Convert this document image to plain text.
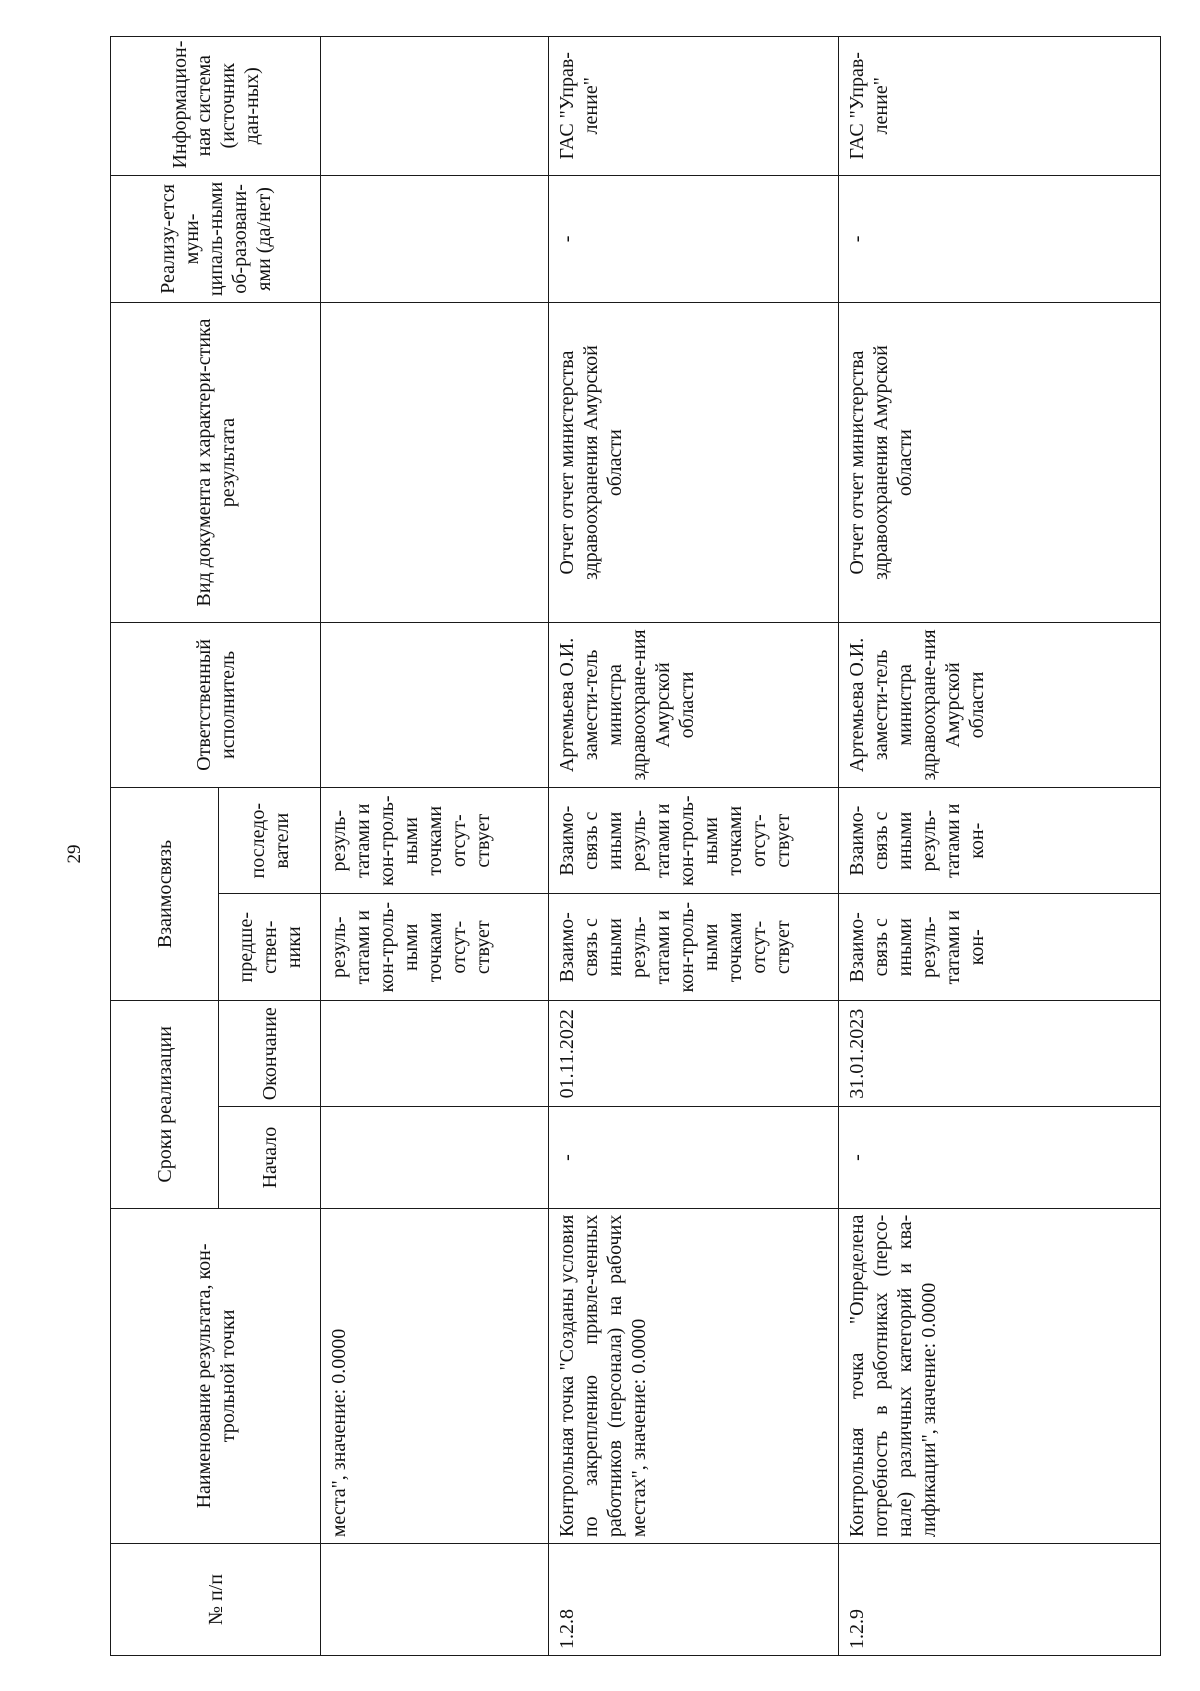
29
№ п/п	Наименование результата, кон-трольной точки	Сроки реализации		Взаимосвязь		Ответственный исполнитель	Вид документа и характери-стика результата	Реализу-ется муни-ципаль-ными об-разовани-ями (да/нет)	Информацион-ная система (источник дан-ных)
		Начало	Окончание	предше-ствен-ники	последо-ватели				
	места", значение: 0.0000			резуль-татами и кон-троль-ными точками отсут-ствует	резуль-татами и кон-троль-ными точками отсут-ствует				
1.2.8	Контрольная точка "Созданы условия по закреплению привле-ченных работников (персонала) на рабочих местах", значение: 0.0000	-	01.11.2022	Взаимо-связь с иными резуль-татами и кон-троль-ными точками отсут-ствует	Взаимо-связь с иными резуль-татами и кон-троль-ными точками отсут-ствует	Артемьева О.И. замести-тель министра здравоохране-ния Амурской области	Отчет отчет министерства здравоохранения Амурской области	-	ГАС "Управ-ление"
1.2.9	Контрольная точка "Определена потребность в работниках (персо-нале) различных категорий и ква-лификации", значение: 0.0000	-	31.01.2023	Взаимо-связь с иными резуль-татами и кон-	Взаимо-связь с иными резуль-татами и кон-	Артемьева О.И. замести-тель министра здравоохране-ния Амурской области	Отчет отчет министерства здравоохранения Амурской области	-	ГАС "Управ-ление"
